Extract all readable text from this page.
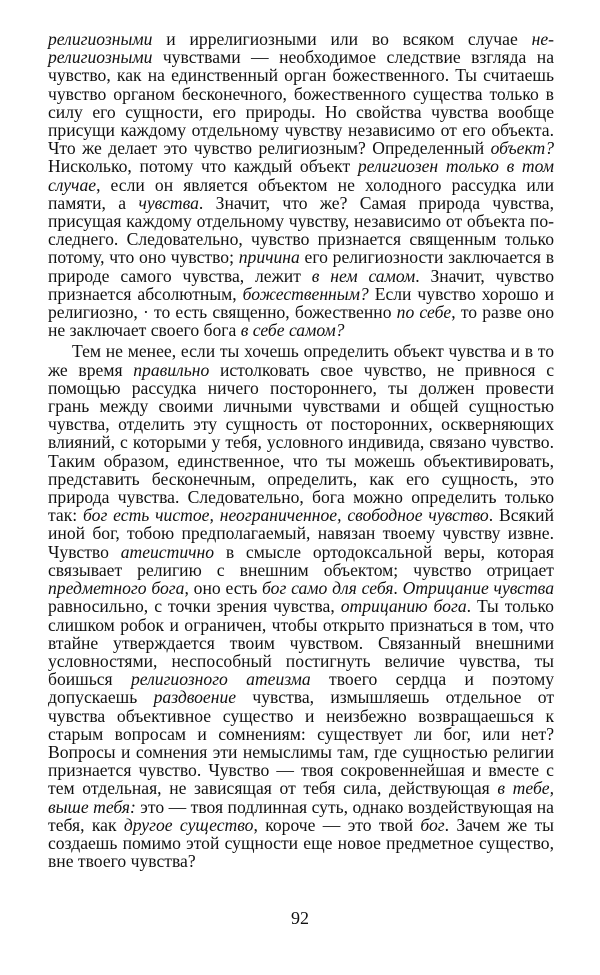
религиозными и иррелигиозными или во всяком случае нерелигиозными чувствами — необходимое следствие взгляда на чувство, как на единственный орган божественного. Ты считаешь чувство органом бесконечного, божественного существа только в силу его сущности, его природы. Но свойства чувства вообще присущи каждому отдельному чувству независимо от его объекта. Что же делает это чувство религиозным? Определенный объект? Нисколько, потому что каждый объект религиозен только в том случае, если он является объектом не холодного рассудка или памяти, а чувства. Значит, что же? Самая природа чувства, присущая каждому отдельному чувству, независимо от объекта последнего. Следовательно, чувство признается священным только потому, что оно чувство; причина его религиозности заключается в природе самого чувства, лежит в нем самом. Значит, чувство признается абсолютным, божественным? Если чувство хорошо и религиозно, · то есть священно, божественно по себе, то разве оно не заключает своего бога в себе самом?

Тем не менее, если ты хочешь определить объект чувства и в то же время правильно истолковать свое чувство, не привнося с помощью рассудка ничего постороннего, ты должен провести грань между своими личными чувствами и общей сущностью чувства, отделить эту сущность от посторонних, оскверняющих влияний, с которыми у тебя, условного индивида, связано чувство. Таким образом, единственное, что ты можешь объективировать, представить бесконечным, определить, как его сущность, это природа чувства. Следовательно, бога можно определить только так: бог есть чистое, неограниченное, свободное чувство. Всякий иной бог, тобою предполагаемый, навязан твоему чувству извне. Чувство атеистично в смысле ортодоксальной веры, которая связывает религию с внешним объектом; чувство отрицает предметного бога, оно есть бог само для себя. Отрицание чувства равносильно, с точки зрения чувства, отрицанию бога. Ты только слишком робок и ограничен, чтобы открыто признаться в том, что втайне утверждается твоим чувством. Связанный внешними условностями, неспособный постигнуть величие чувства, ты боишься религиозного атеизма твоего сердца и поэтому допускаешь раздвоение чувства, измышляешь отдельное от чувства объективное существо и неизбежно возвращаешься к старым вопросам и сомнениям: существует ли бог, или нет? Вопросы и сомнения эти немыслимы там, где сущностью религии признается чувство. Чувство — твоя сокровеннейшая и вместе с тем отдельная, не зависящая от тебя сила, действующая в тебе, выше тебя: это — твоя подлинная суть, однако воздействующая на тебя, как другое существо, короче — это твой бог. Зачем же ты создаешь помимо этой сущности еще новое предметное существо, вне твоего чувства?

92
